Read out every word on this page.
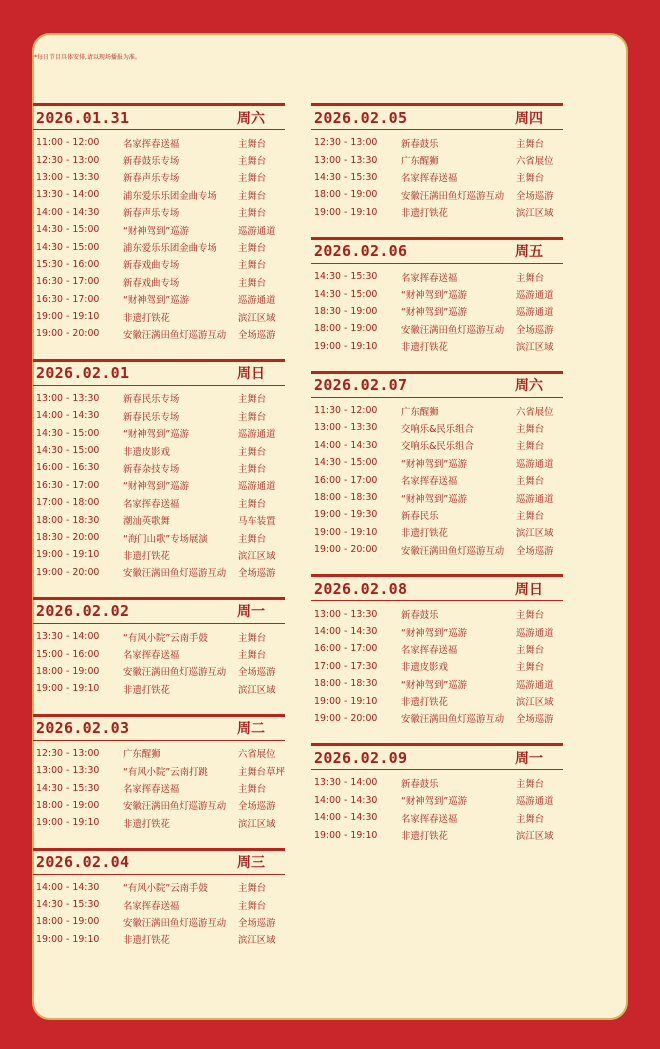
*每日节目具体安排,请以现场播报为准。
2026.01.31	周六
11:00 - 12:00	名家挥春送福	主舞台
12:30 - 13:00	新春鼓乐专场	主舞台
13:00 - 13:30	新春声乐专场	主舞台
13:30 - 14:00	浦东爱乐乐团金曲专场	主舞台
14:00 - 14:30	新春声乐专场	主舞台
14:30 - 15:00	“财神驾到”巡游	巡游通道
14:30 - 15:00	浦东爱乐乐团金曲专场	主舞台
15:30 - 16:00	新春戏曲专场	主舞台
16:30 - 17:00	新春戏曲专场	主舞台
16:30 - 17:00	“财神驾到”巡游	巡游通道
19:00 - 19:10	非遗打铁花	滨江区域
19:00 - 20:00	安徽汪满田鱼灯巡游互动	全场巡游
2026.02.01	周日
13:00 - 13:30	新春民乐专场	主舞台
14:00 - 14:30	新春民乐专场	主舞台
14:30 - 15:00	“财神驾到”巡游	巡游通道
14:30 - 15:00	非遗皮影戏	主舞台
16:00 - 16:30	新春杂技专场	主舞台
16:30 - 17:00	“财神驾到”巡游	巡游通道
17:00 - 18:00	名家挥春送福	主舞台
18:00 - 18:30	潮汕英歌舞	马车装置
18:30 - 20:00	“海门山歌”专场展演	主舞台
19:00 - 19:10	非遗打铁花	滨江区域
19:00 - 20:00	安徽汪满田鱼灯巡游互动	全场巡游
2026.02.02	周一
13:30 - 14:00	“有风小院”云南手鼓	主舞台
15:00 - 16:00	名家挥春送福	主舞台
18:00 - 19:00	安徽汪满田鱼灯巡游互动	全场巡游
19:00 - 19:10	非遗打铁花	滨江区域
2026.02.03	周二
12:30 - 13:00	广东醒狮	六省展位
13:00 - 13:30	“有风小院”云南打跳	主舞台草坪
14:30 - 15:30	名家挥春送福	主舞台
18:00 - 19:00	安徽汪满田鱼灯巡游互动	全场巡游
19:00 - 19:10	非遗打铁花	滨江区域
2026.02.04	周三
14:00 - 14:30	“有风小院”云南手鼓	主舞台
14:30 - 15:30	名家挥春送福	主舞台
18:00 - 19:00	安徽汪满田鱼灯巡游互动	全场巡游
19:00 - 19:10	非遗打铁花	滨江区域
2026.02.05	周四
12:30 - 13:00	新春鼓乐	主舞台
13:00 - 13:30	广东醒狮	六省展位
14:30 - 15:30	名家挥春送福	主舞台
18:00 - 19:00	安徽汪满田鱼灯巡游互动	全场巡游
19:00 - 19:10	非遗打铁花	滨江区域
2026.02.06	周五
14:30 - 15:30	名家挥春送福	主舞台
14:30 - 15:00	“财神驾到”巡游	巡游通道
18:30 - 19:00	“财神驾到”巡游	巡游通道
18:00 - 19:00	安徽汪满田鱼灯巡游互动	全场巡游
19:00 - 19:10	非遗打铁花	滨江区域
2026.02.07	周六
11:30 - 12:00	广东醒狮	六省展位
13:00 - 13:30	交响乐&民乐组合	主舞台
14:00 - 14:30	交响乐&民乐组合	主舞台
14:30 - 15:00	“财神驾到”巡游	巡游通道
16:00 - 17:00	名家挥春送福	主舞台
18:00 - 18:30	“财神驾到”巡游	巡游通道
19:00 - 19:30	新春民乐	主舞台
19:00 - 19:10	非遗打铁花	滨江区域
19:00 - 20:00	安徽汪满田鱼灯巡游互动	全场巡游
2026.02.08	周日
13:00 - 13:30	新春鼓乐	主舞台
14:00 - 14:30	“财神驾到”巡游	巡游通道
16:00 - 17:00	名家挥春送福	主舞台
17:00 - 17:30	非遗皮影戏	主舞台
18:00 - 18:30	“财神驾到”巡游	巡游通道
19:00 - 19:10	非遗打铁花	滨江区域
19:00 - 20:00	安徽汪满田鱼灯巡游互动	全场巡游
2026.02.09	周一
13:30 - 14:00	新春鼓乐	主舞台
14:00 - 14:30	“财神驾到”巡游	巡游通道
14:00 - 14:30	名家挥春送福	主舞台
19:00 - 19:10	非遗打铁花	滨江区域
